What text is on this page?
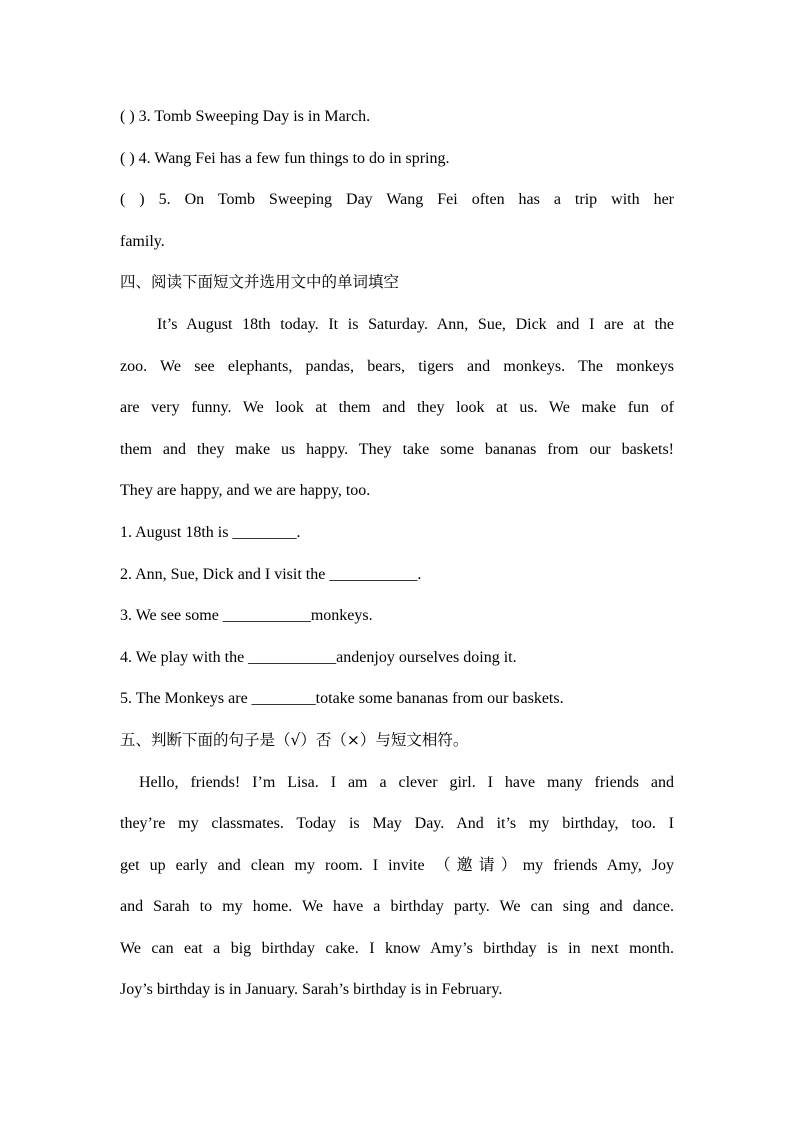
( ) 3. Tomb Sweeping Day is in March.
( ) 4. Wang Fei has a few fun things to do in spring.
( ) 5. On Tomb Sweeping Day Wang Fei often has a trip with her
family.
四、阅读下面短文并选用文中的单词填空
It’s August 18th today. It is Saturday. Ann, Sue, Dick and I are at the
zoo. We see elephants, pandas, bears, tigers and monkeys. The monkeys
are very funny. We look at them and they look at us. We make fun of
them and they make us happy. They take some bananas from our baskets!
They are happy, and we are happy, too.
1. August 18th is ________.
2. Ann, Sue, Dick and I visit the ___________.
3. We see some ___________monkeys.
4. We play with the ___________andenjoy ourselves doing it.
5. The Monkeys are ________totake some bananas from our baskets.
五、判断下面的句子是（√）否（×）与短文相符。
Hello, friends! I’m Lisa. I am a clever girl. I have many friends and
they’re my classmates. Today is May Day. And it’s my birthday, too. I
get up early and clean my room. I invite （邀请）my friends Amy, Joy
and Sarah to my home. We have a birthday party. We can sing and dance.
We can eat a big birthday cake. I know Amy’s birthday is in next month.
Joy’s birthday is in January. Sarah’s birthday is in February.
